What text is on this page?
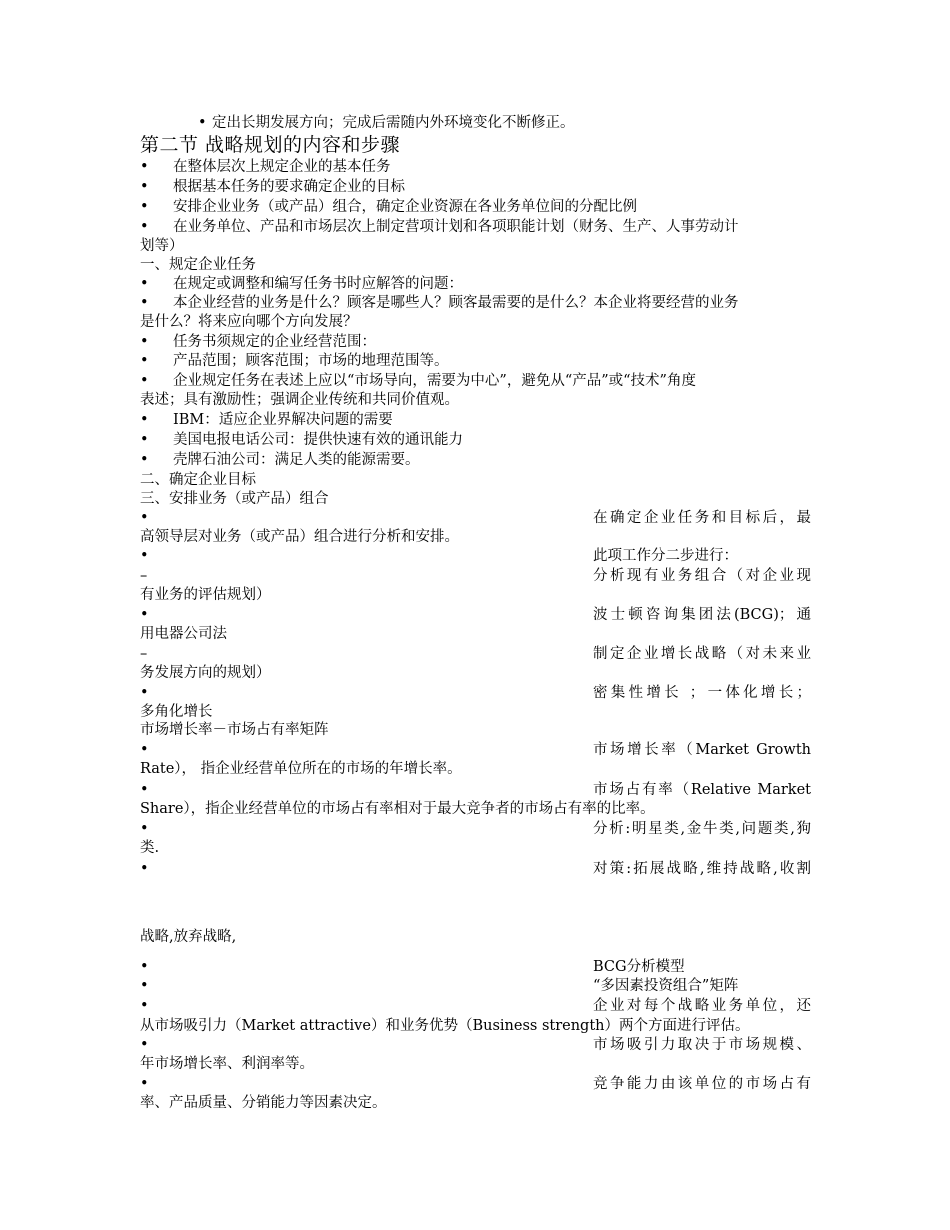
• 定出长期发展方向；完成后需随内外环境变化不断修正。
第二节 战略规划的内容和步骤
• 在整体层次上规定企业的基本任务
• 根据基本任务的要求确定企业的目标
• 安排企业业务（或产品）组合，确定企业资源在各业务单位间的分配比例
• 在业务单位、产品和市场层次上制定营项计划和各项职能计划（财务、生产、人事劳动计
划等）
一、规定企业任务
• 在规定或调整和编写任务书时应解答的问题：
• 本企业经营的业务是什么？顾客是哪些人？顾客最需要的是什么？本企业将要经营的业务
是什么？将来应向哪个方向发展？
• 任务书须规定的企业经营范围：
• 产品范围；顾客范围；市场的地理范围等。
• 企业规定任务在表述上应以“市场导向，需要为中心”，避免从“产品”或“技术”角度
表述；具有激励性；强调企业传统和共同价值观。
• IBM：适应企业界解决问题的需要
• 美国电报电话公司：提供快速有效的通讯能力
• 壳牌石油公司：满足人类的能源需要。
二、确定企业目标
三、安排业务（或产品）组合
•	在确定企业任务和目标后，最
高领导层对业务（或产品）组合进行分析和安排。
•	此项工作分二步进行：
–	分析现有业务组合（对企业现
有业务的评估规划）
•	波士顿咨询集团法(BCG)；通
用电器公司法
–	制定企业增长战略（对未来业
务发展方向的规划）
•	密集性增长 ；一体化增长；
多角化增长
市场增长率－市场占有率矩阵
•	市场增长率（Market Growth
Rate）， 指企业经营单位所在的市场的年增长率。
•	市场占有率（Relative Market
Share），指企业经营单位的市场占有率相对于最大竞争者的市场占有率的比率。
•	分析:明星类,金牛类,问题类,狗
类.
•	对策:拓展战略,维持战略,收割
战略,放弃战略,
•	BCG分析模型
•	“多因素投资组合”矩阵
•	企业对每个战略业务单位，还
从市场吸引力（Market attractive）和业务优势（Business strength）两个方面进行评估。
•	市场吸引力取决于市场规模、
年市场增长率、利润率等。
•	竞争能力由该单位的市场占有
率、产品质量、分销能力等因素决定。
